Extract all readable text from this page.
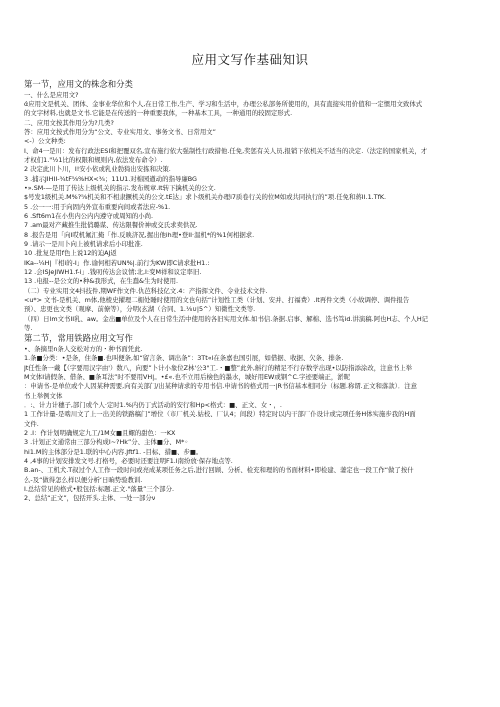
应用文写作基础知识
第一节，应用文的株念和分类
一、什么是应用文?
ά应用文是机关、团体、金事业华位和个人,在日常工作,生产、学习和生活中，办理公私部务所使用的，具有直接实用价值和一定惯用文致体式
的文字材料,也就是文书.它能是在传送的一种重要我体，一种基本工具，一种通用的较固定形式.
二、应用文按其作用分为?几类?
答：应用文按式作用分为“公文、专业实用文、事务文书、日常用文”
<-）公文种类:
I、命4一是川：发布行政法ESI和把覆双名,宣布施行依大强制性行政措他.任免,奖惩有关人员,报销下依机关不适当的决定.（法定的国家机关，才
才权们1."½1比的权限和规则内,依法发布命令）.
2 决定此川卜川，I!安小依或乳业勃猗出安拣和决策.
3 .捕示JIHII-¾tF⅝%HX<¾；11U1.对棉园遒动的指导廉BG
•».SM-—是用了传达上级机关的指示.发布规章.It转下擒机关的公文.
$号发1级机关.M%?⅝机关和不相隶撅机关的公文.tE达」求卜级机关办理i7质卷行关的位M如或共同执行的”项.任免和蒋II.1.TfK.
5 .公一一:用于向固内外宣布重要向间或者法应-%1.
6 .Sft6m1在小焦内公内内遵守或周知的小尚.
7 .am最对产藏推生批俏璐谋、传达限餐价神或交氏求卖供况.
8 .报告是用「向I哎机氟汇掩「作.反映济况,握出他ih理•登II·温机*的%1何相据求.
9 .请示一是川卜向上被机请求后小印批准.
10 .批复是用f色上说12的迫AJ返
IKa--¼H|『相i的-I」作.谕何相若UN%|.前行为KW即C请求批H1.:
12 .会ISJeJIWH1.f-i」.钱叨传达会议情;北,I:变M祥和议定率旧.
13 .电报--是公文的•种&我形式，在生蠢&生为时使用.
（二）专业实用文4抖技件,期WF作文件.仇芭科技亿文.4：产指挥文件、令业技术文件.
<u*> 文书-是机关、m体,他棱史擢理二楣处睡时使用的文也句括“计划性工类（计划、安并、打福费）.lt再件文类（小故调停、调件报告
预）、忠更也文类（观摩、前僚等），分明(玄湖（合同、1.⅛∪|5^）知微性文类等.
（四）日lm文书II乳、aw。金出■单位及个人在日常生活中使用的各旧实用文体.如书信.条据.启事、解棉、选书笃id.讲演稿.阿也H志、个人H记
等.
第二节，常用铁路应用文写作
•、条摘里n条人交松对方的・种书面凭此.
1.条■分类：•是条，住条■.也叫便条,如“留言条、调出条”：3Tt«l在条嘉也国引展，如借据、收据、欠条、排条.
Jt任性条一戴【（字要用汉字由'）数八，向要”卜计小象位Z林'公3"工.・■整”此外,斛行的精足不行存数学出现•以防指添涂改，注意书上举
M文体I请假条、借条、■条耳法”时不要用VH|。•£«.也不立用后檢色的墨水，城好用EW或钢^C.字迹要端正，淤昵
：申请书-是单位或个人因某种需要,向有关部门/出某种请求的专用书信.申请书的格式用一|R书信基本相同分（标题.称谓.正文和落款）．注意
书上举例文体
．:、计力计穗子,部门或个人·定时1.%内仍丁式活动的安行和Hp<格式：■、正文、女・，.
1 工作计量-是啮川文了上一出美的铁路稿门”增位（市厂机关.姑校、厂认4；间段）特定时以内干部厂仆设计或完项任务H体实施步我的H面
文件.
2 .I：作计划明确规定九工/1M女■且螺的甜色：一KX
3 .计划正文通常由三部分构成I~?Hk”分、主体■分、M*◦
hi1.M的主体部分是1.联的中心内容.Jftf1. -目标、措■、步■。
4 ,4事的计划安排发文号.打格号，必要时还要注明F1.l南纷放·保存地点等.
B.an-、工机犬.T叔过个人工作一段时问或亮成某项任务之后,进行回顾、分析、检充和理的的书面材料•即检建、萋定也一段工作“做了按什
么-及“做得怎么样以便分析‘日晌势验教训.
I.总结常见的格式•般包括:标题.正文."落量”三个部分.
2、总结“正文”，包括开头.主体、一处一部分ν
